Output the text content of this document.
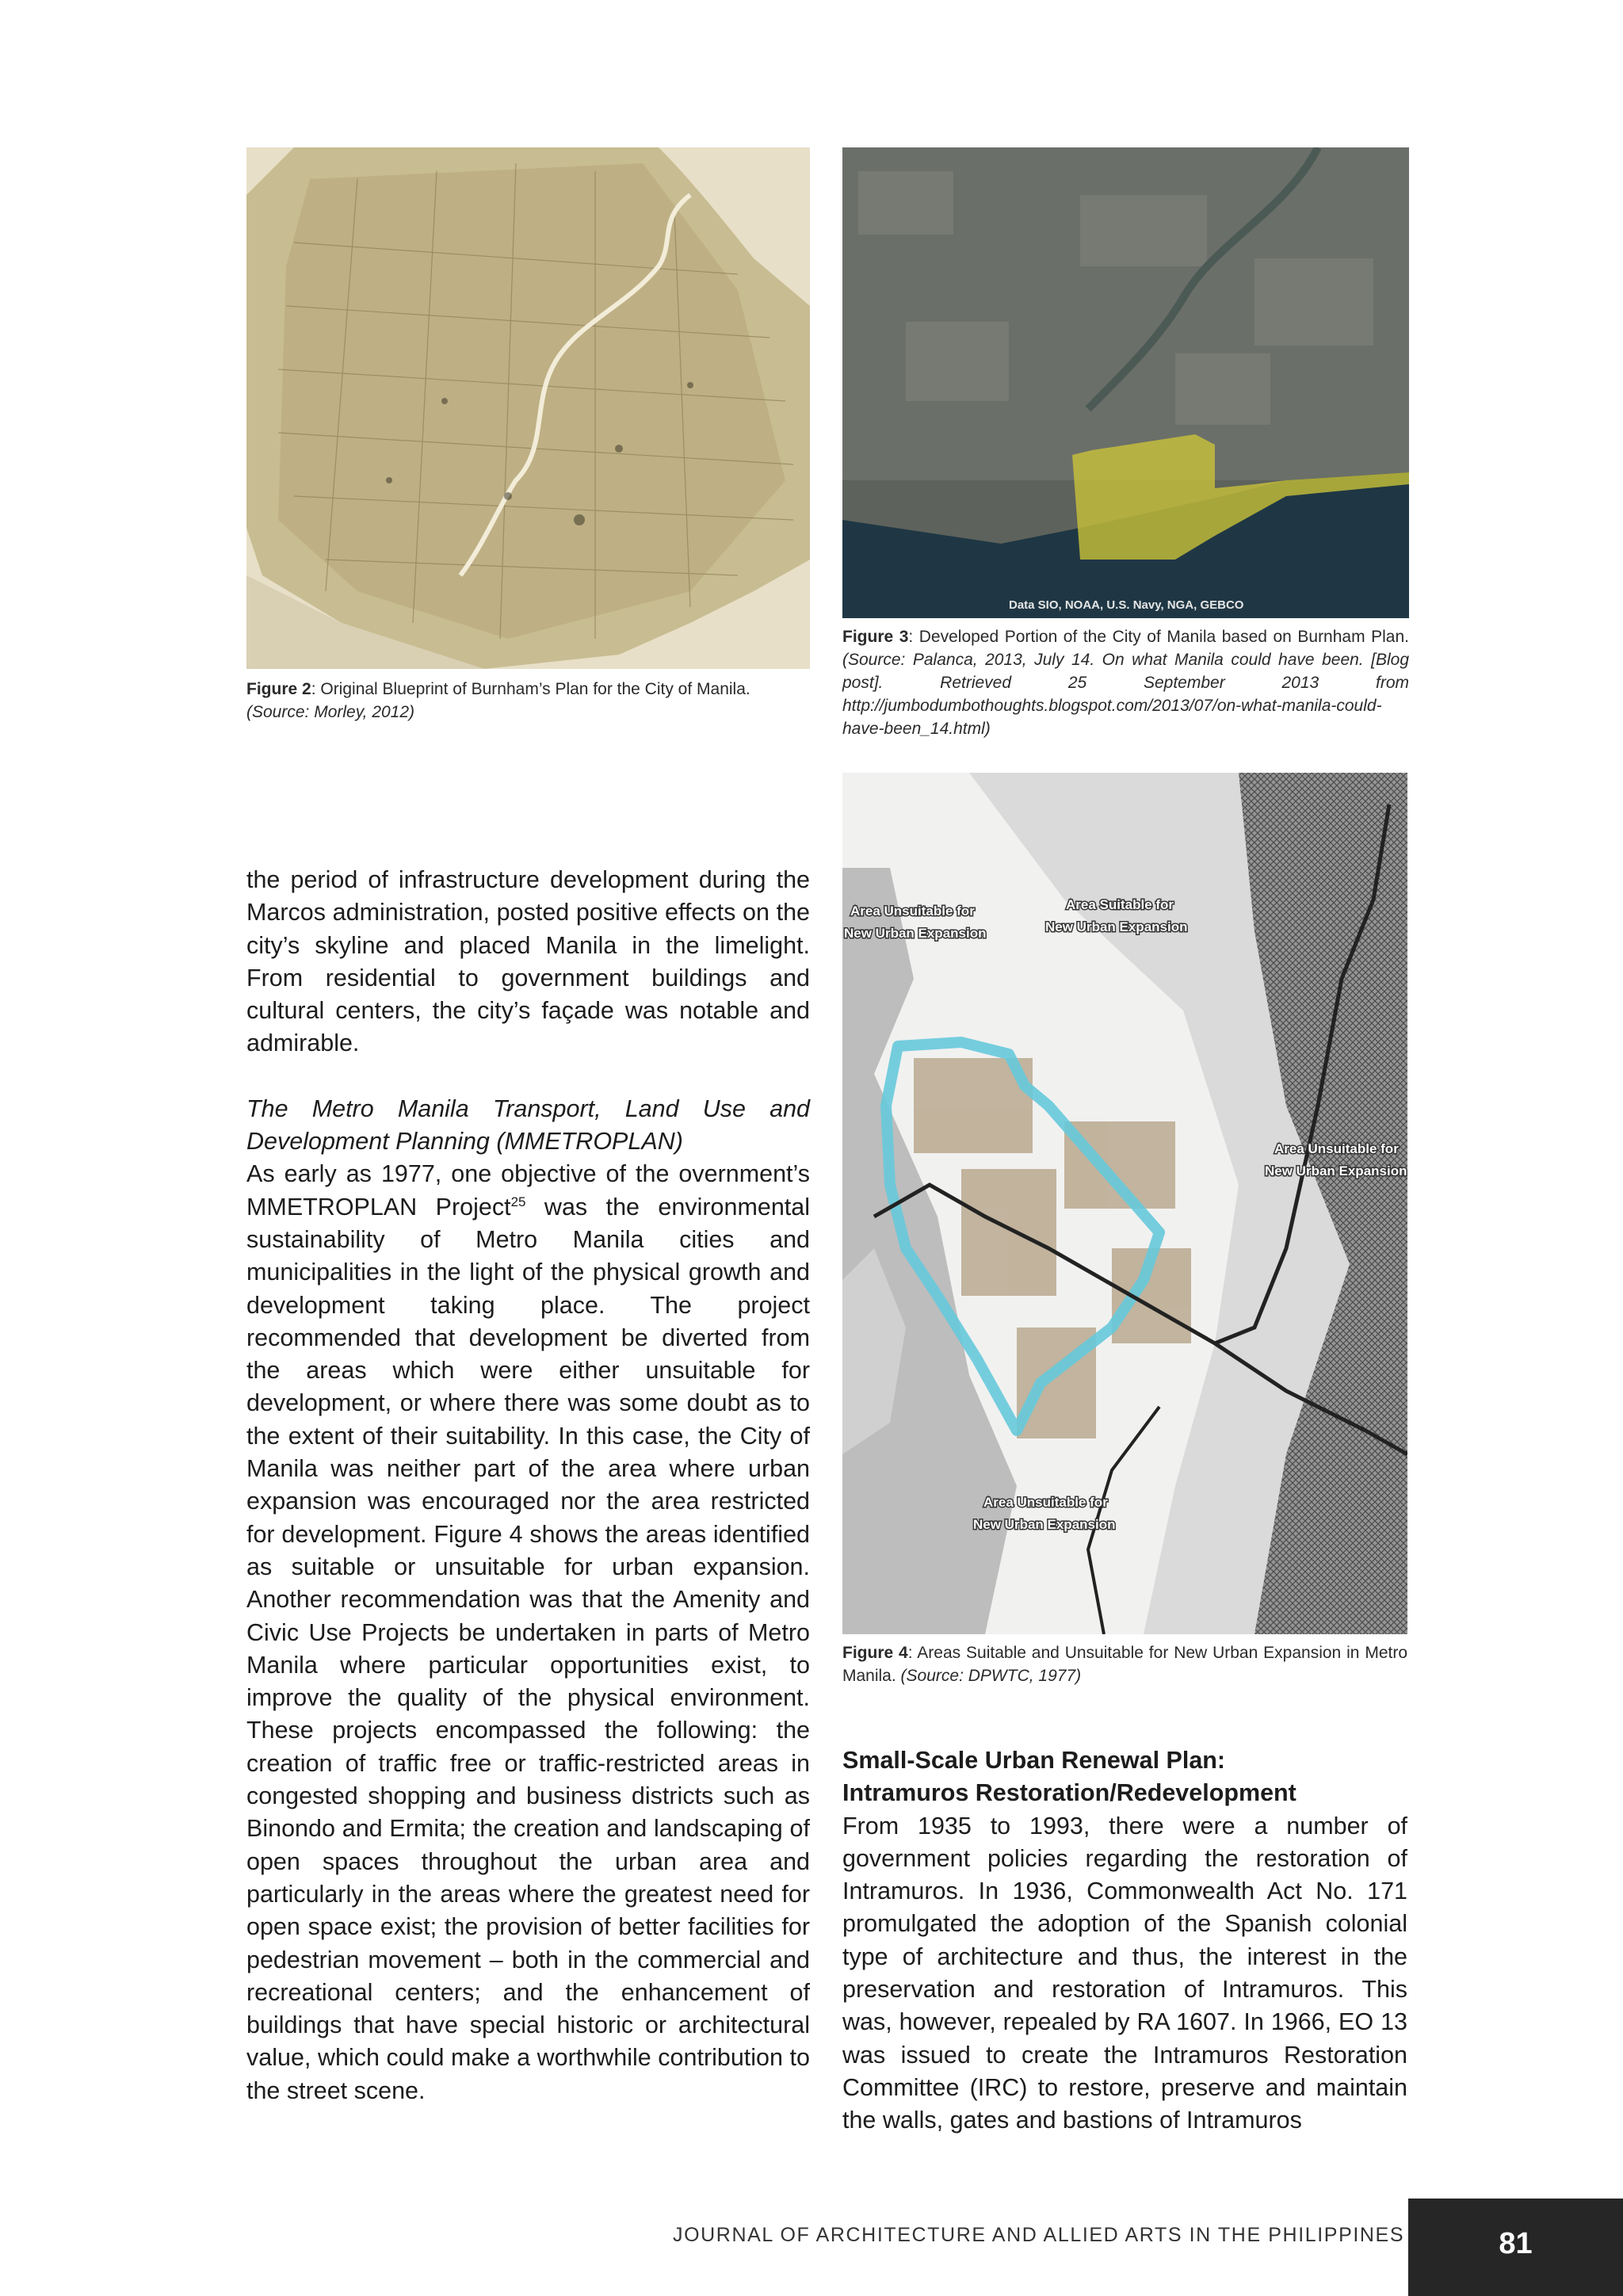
Figure 2: Original Blueprint of Burnham’s Plan for the City of Manila.
(Source: Morley, 2012)
Data SIO, NOAA, U.S. Navy, NGA, GEBCO
Figure 3: Developed Portion of the City of Manila based on Burnham Plan. (Source: Palanca, 2013, July 14. On what Manila could have been. [Blog post]. Retrieved 25 September 2013 from http://jumbodumbothoughts.blogspot.com/2013/07/on-what-manila-could-have-been_14.html)
Area Unsuitable for
New Urban Expansion
Area Suitable for
New Urban Expansion
Area Unsuitable for
New Urban Expansion
Area Unsuitable for
New Urban Expansion
Figure 4: Areas Suitable and Unsuitable for New Urban Expansion in Metro Manila. (Source: DPWTC, 1977)

the period of infrastructure development during the Marcos administration, posted positive effects on the city’s skyline and placed Manila in the limelight. From residential to government buildings and cultural centers, the city’s façade was notable and admirable.

The Metro Manila Transport, Land Use and Development Planning (MMETROPLAN)

As early as 1977, one objective of the overnment’s MMETROPLAN Project$^{25}$ was the environmental sustainability of Metro Manila cities and municipalities in the light of the physical growth and development taking place. The project recommended that development be diverted from the areas which were either unsuitable for development, or where there was some doubt as to the extent of their suitability. In this case, the City of Manila was neither part of the area where urban expansion was encouraged nor the area restricted for development. Figure 4 shows the areas identified as suitable or unsuitable for urban expansion. Another recommendation was that the Amenity and Civic Use Projects be undertaken in parts of Metro Manila where particular opportunities exist, to improve the quality of the physical environment. These projects encompassed the following: the creation of traffic free or traffic-restricted areas in congested shopping and business districts such as Binondo and Ermita; the creation and landscaping of open spaces throughout the urban area and particularly in the areas where the greatest need for open space exist; the provision of better facilities for pedestrian movement – both in the commercial and recreational centers; and the enhancement of buildings that have special historic or architectural value, which could make a worthwhile contribution to the street scene.

Small-Scale Urban Renewal Plan:

Intramuros Restoration/Redevelopment

From 1935 to 1993, there were a number of government policies regarding the restoration of Intramuros. In 1936, Commonwealth Act No. 171 promulgated the adoption of the Spanish colonial type of architecture and thus, the interest in the preservation and restoration of Intramuros. This was, however, repealed by RA 1607. In 1966, EO 13 was issued to create the Intramuros Restoration Committee (IRC) to restore, preserve and maintain the walls, gates and bastions of Intramuros

JOURNAL OF ARCHITECTURE AND ALLIED ARTS IN THE PHILIPPINES	81
